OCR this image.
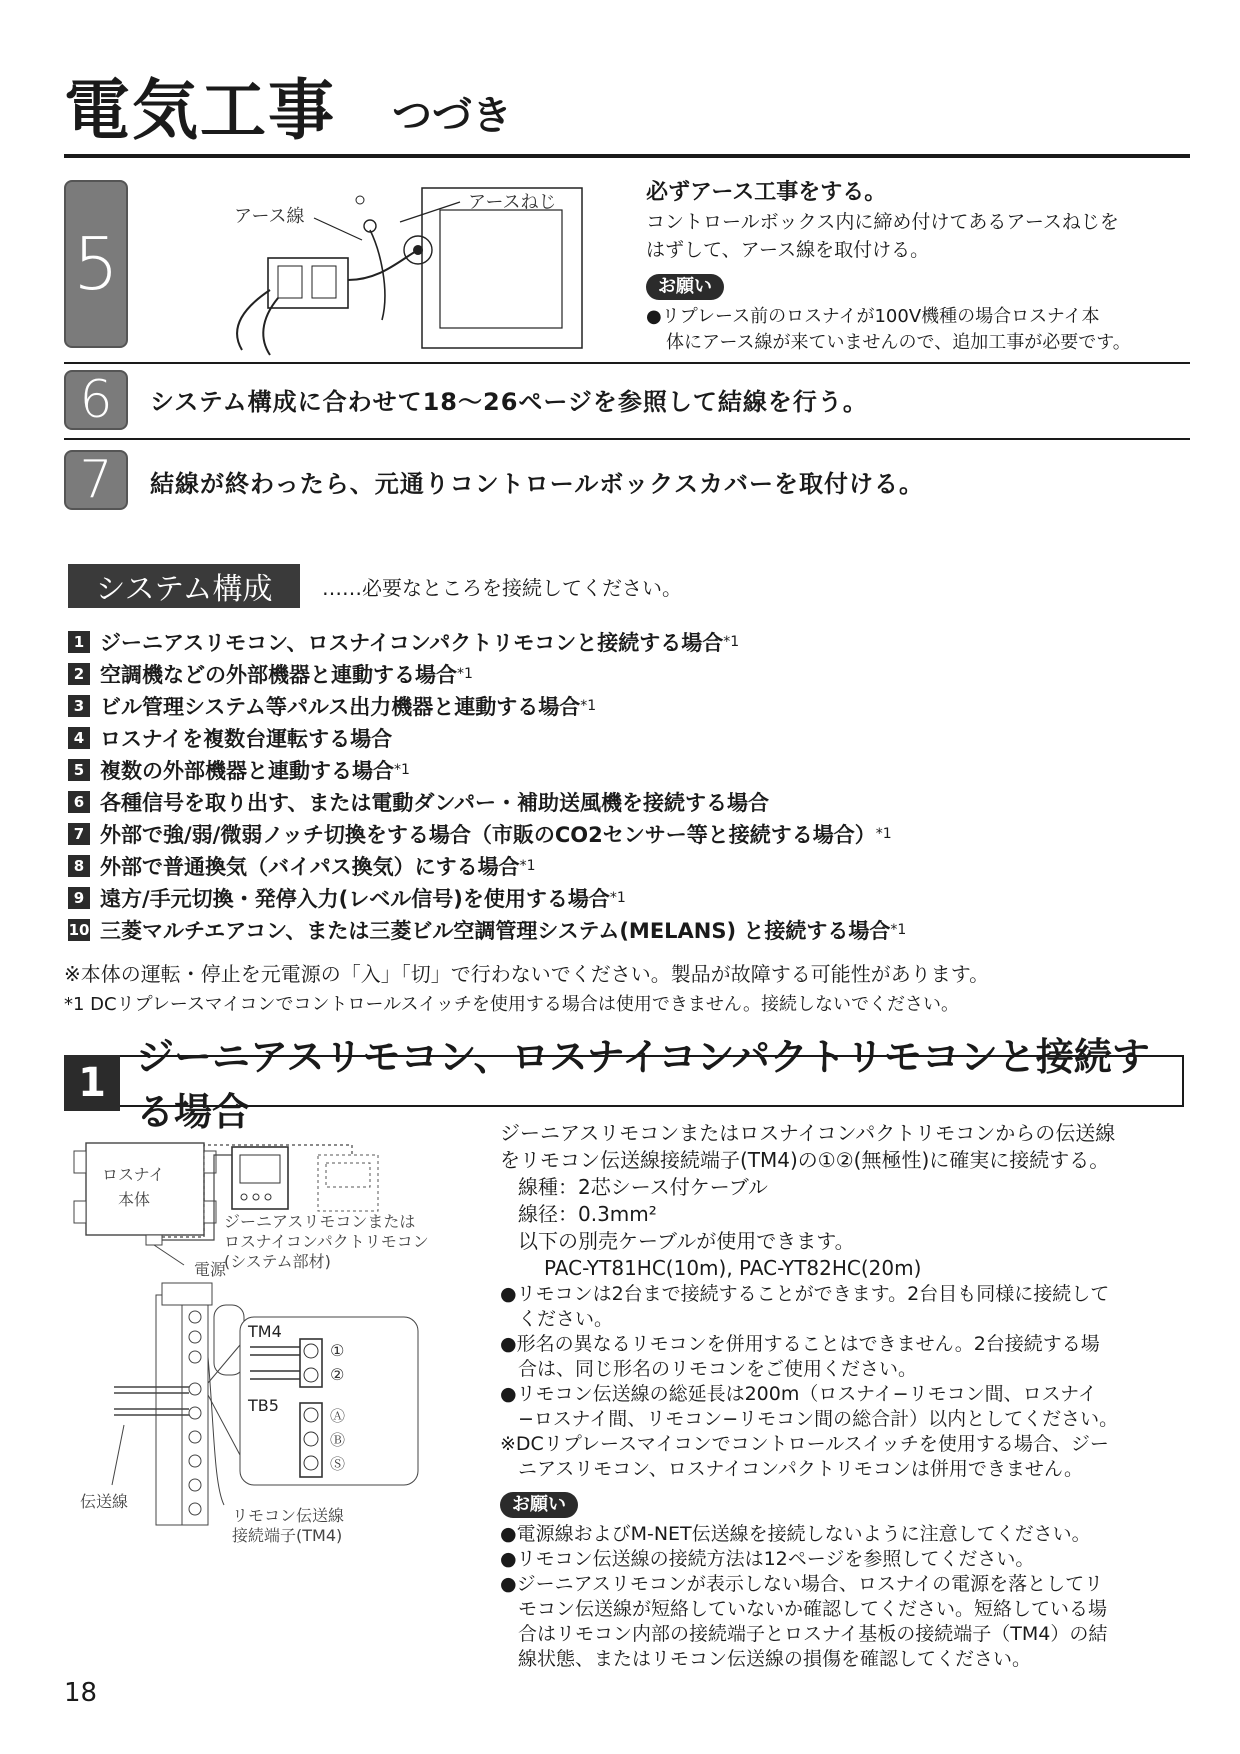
電気工事 つづき
5
アース線
アースねじ	必ずアース工事をする。
コントロールボックス内に締め付けてあるアースねじを
はずして、アース線を取付ける。
お願い
●リプレース前のロスナイが100V機種の場合ロスナイ本
体にアース線が来ていませんので、追加工事が必要です。
6	システム構成に合わせて18〜26ページを参照して結線を行う。
7	結線が終わったら、元通りコントロールボックスカバーを取付ける。
システム構成	……必要なところを接続してください。
1 ジーニアスリモコン、ロスナイコンパクトリモコンと接続する場合 *1
2 空調機などの外部機器と連動する場合 *1
3 ビル管理システム等パルス出力機器と連動する場合 *1
4 ロスナイを複数台運転する場合
5 複数の外部機器と連動する場合 *1
6 各種信号を取り出す、または電動ダンパー・補助送風機を接続する場合
7 外部で強/弱/微弱ノッチ切換をする場合（市販のCO2センサー等と接続する場合） *1
8 外部で普通換気（バイパス換気）にする場合 *1
9 遠方/手元切換・発停入力(レベル信号)を使用する場合 *1
10 三菱マルチエアコン、または三菱ビル空調管理システム(MELANS) と接続する場合 *1
※本体の運転・停止を元電源の「入」「切」で行わないでください。製品が故障する可能性があります。
*1 DCリプレースマイコンでコントロールスイッチを使用する場合は使用できません。接続しないでください。
1
ジーニアスリモコン、ロスナイコンパクトリモコンと接続する場合
ロスナイ
本体
電源
ジーニアスリモコンまたは
ロスナイコンパクトリモコン
(システム部材)
伝送線
TM4
①
②
TB5
Ⓐ
Ⓑ
Ⓢ
リモコン伝送線
接続端子(TM4)
ジーニアスリモコンまたはロスナイコンパクトリモコンからの伝送線
をリモコン伝送線接続端子(TM4)の①②(無極性)に確実に接続する。
線種：2芯シース付ケーブル
線径：0.3mm²
以下の別売ケーブルが使用できます。
PAC-YT81HC(10m), PAC-YT82HC(20m)
●リモコンは2台まで接続することができます。2台目も同様に接続して
ください。
●形名の異なるリモコンを併用することはできません。2台接続する場
合は、同じ形名のリモコンをご使用ください。
●リモコン伝送線の総延長は200m（ロスナイ−リモコン間、ロスナイ
−ロスナイ間、リモコン−リモコン間の総合計）以内としてください。
※DCリプレースマイコンでコントロールスイッチを使用する場合、ジー
ニアスリモコン、ロスナイコンパクトリモコンは併用できません。
お願い
●電源線およびM-NET伝送線を接続しないように注意してください。
●リモコン伝送線の接続方法は12ページを参照してください。
●ジーニアスリモコンが表示しない場合、ロスナイの電源を落としてリ
モコン伝送線が短絡していないか確認してください。短絡している場
合はリモコン内部の接続端子とロスナイ基板の接続端子（TM4）の結
線状態、またはリモコン伝送線の損傷を確認してください。
18
